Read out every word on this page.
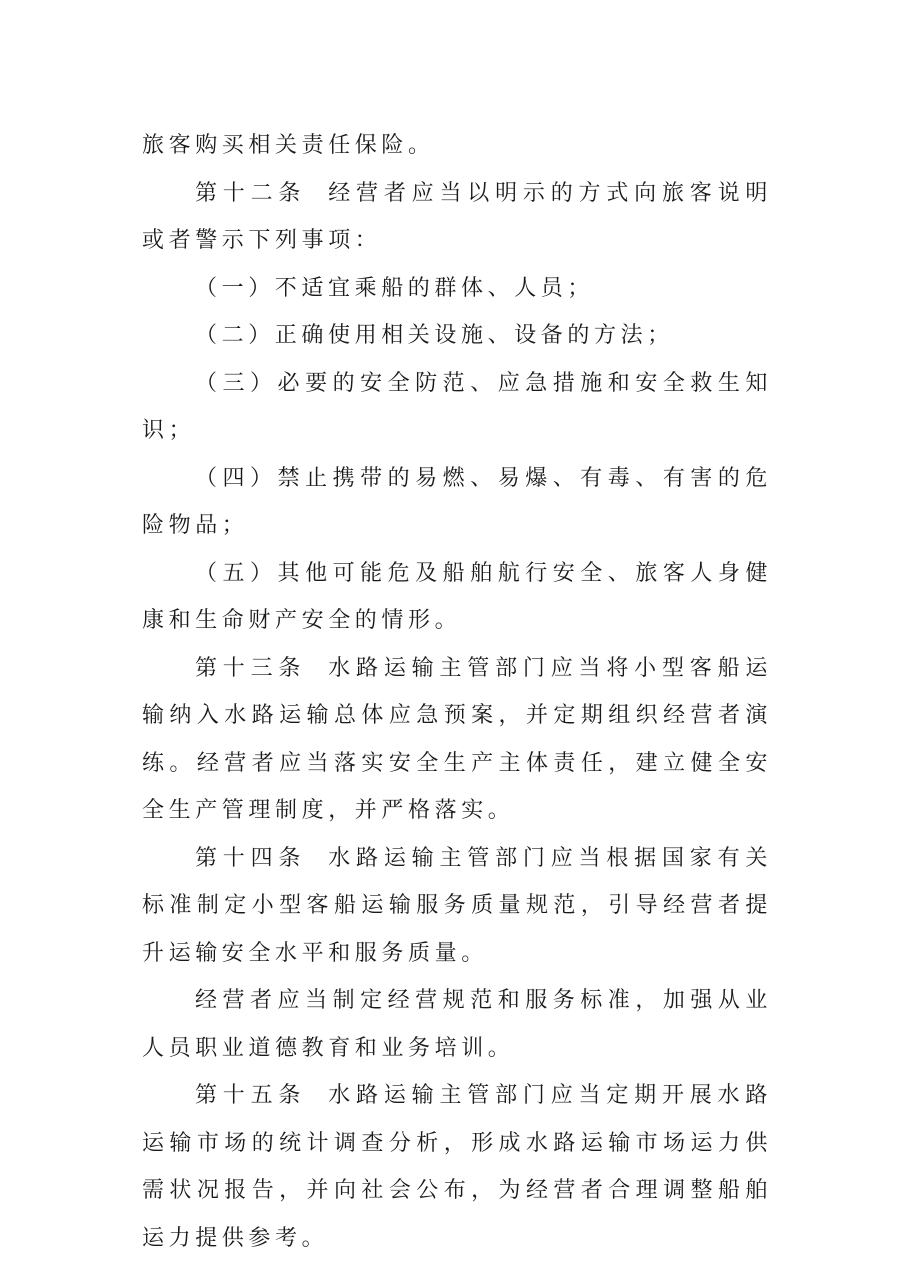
旅客购买相关责任保险。

第十二条 经营者应当以明示的方式向旅客说明或者警示下列事项：

（一）不适宜乘船的群体、人员；

（二）正确使用相关设施、设备的方法；

（三）必要的安全防范、应急措施和安全救生知识；

（四）禁止携带的易燃、易爆、有毒、有害的危险物品；

（五）其他可能危及船舶航行安全、旅客人身健康和生命财产安全的情形。

第十三条 水路运输主管部门应当将小型客船运输纳入水路运输总体应急预案，并定期组织经营者演练。经营者应当落实安全生产主体责任，建立健全安全生产管理制度，并严格落实。

第十四条 水路运输主管部门应当根据国家有关标准制定小型客船运输服务质量规范，引导经营者提升运输安全水平和服务质量。

经营者应当制定经营规范和服务标准，加强从业人员职业道德教育和业务培训。

第十五条 水路运输主管部门应当定期开展水路运输市场的统计调查分析，形成水路运输市场运力供需状况报告，并向社会公布，为经营者合理调整船舶运力提供参考。
